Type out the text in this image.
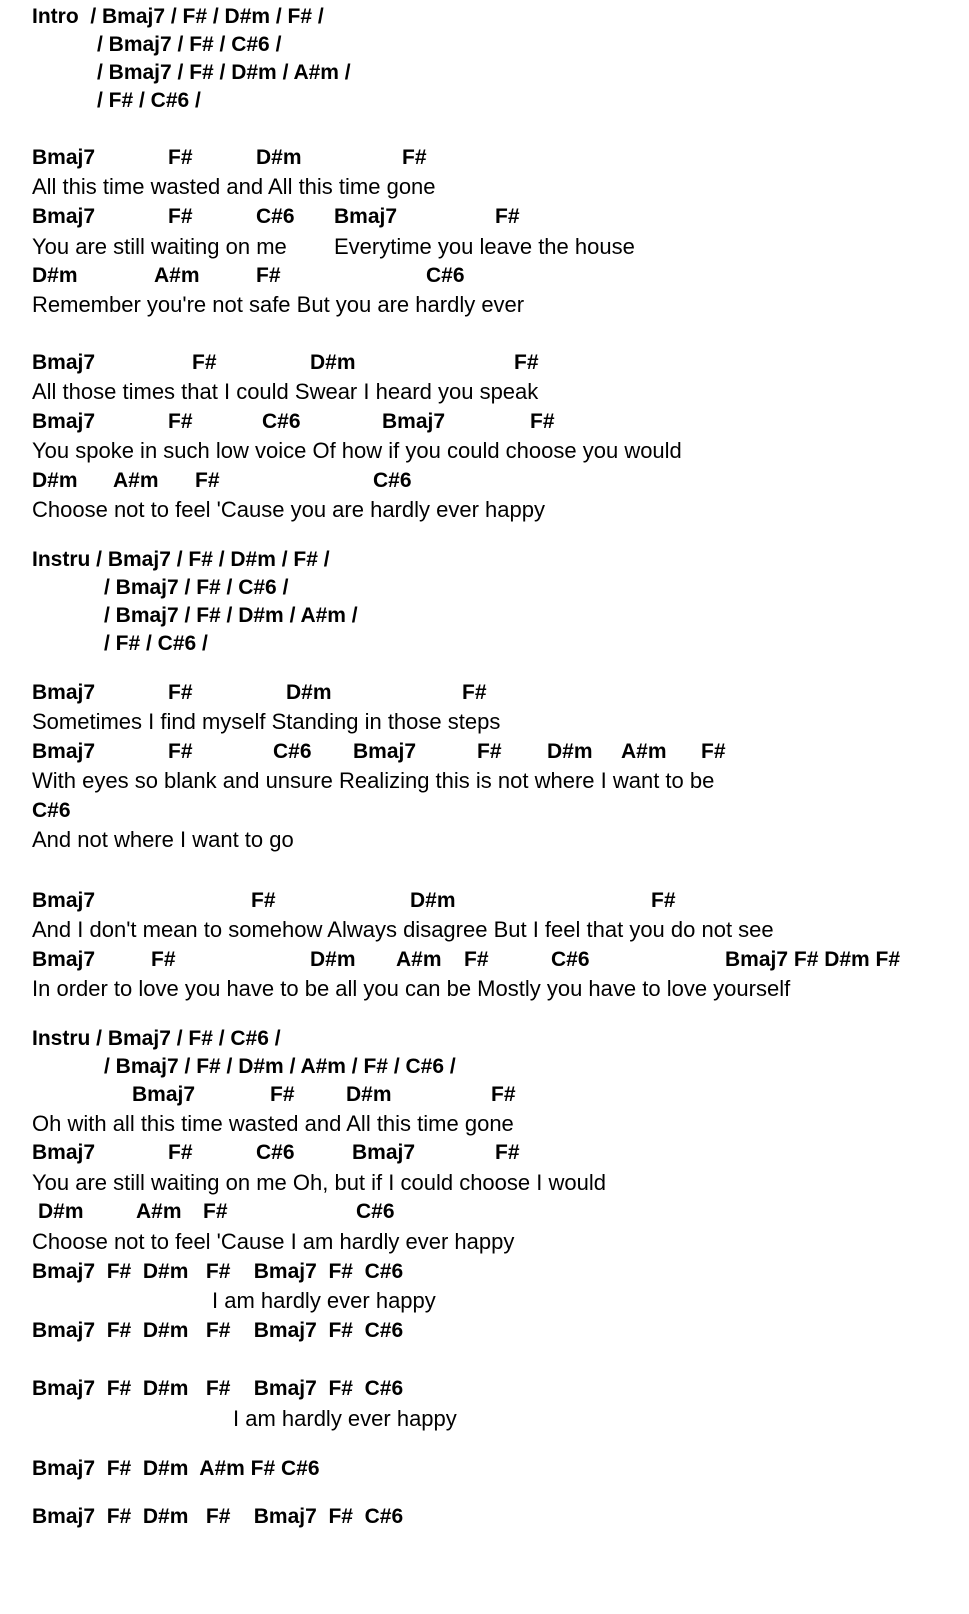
Intro  / Bmaj7 / F# / D#m / F# /
/ Bmaj7 / F# / C#6 /
/ Bmaj7 / F# / D#m / A#m /
/ F# / C#6 /
Bmaj7	F#	D#m	F#
All this time wasted and All this time gone
Bmaj7	F#	C#6 Bmaj7	F#
You are still waiting on me Everytime you leave the house
D#m	A#m	F#	C#6
Remember you're not safe But you are hardly ever
Bmaj7	F#	D#m	F#
All those times that I could Swear I heard you speak
Bmaj7	F#	C#6	Bmaj7	F#
You spoke in such low voice Of how if you could choose you would
D#m A#m F#	C#6
Choose not to feel 'Cause you are hardly ever happy
Instru / Bmaj7 / F# / D#m / F# /
/ Bmaj7 / F# / C#6 /
/ Bmaj7 / F# / D#m / A#m /
/ F# / C#6 /
Bmaj7	F#	D#m	F#
Sometimes I find myself Standing in those steps
Bmaj7	F#	C#6 Bmaj7	F# D#m A#m F#
With eyes so blank and unsure Realizing this is not where I want to be
C#6
And not where I want to go
Bmaj7	F#	D#m	F#
And I don't mean to somehow Always disagree But I feel that you do not see
Bmaj7	F#	D#m A#m F#	C#6	Bmaj7 F# D#m F#
In order to love you have to be all you can be Mostly you have to love yourself
Instru / Bmaj7 / F# / C#6 /
/ Bmaj7 / F# / D#m / A#m / F# / C#6 /
Bmaj7	F# D#m	F#
Oh with all this time wasted and All this time gone
Bmaj7	F#	C#6	Bmaj7	F#
You are still waiting on me Oh, but if I could choose I would
D#m A#m F#	C#6
Choose not to feel 'Cause I am hardly ever happy
Bmaj7  F#  D#m   F#    Bmaj7  F#  C#6
I am hardly ever happy
Bmaj7  F#  D#m   F#    Bmaj7  F#  C#6
Bmaj7  F#  D#m   F#    Bmaj7  F#  C#6
I am hardly ever happy
Bmaj7  F#  D#m  A#m F# C#6
Bmaj7  F#  D#m   F#    Bmaj7  F#  C#6
